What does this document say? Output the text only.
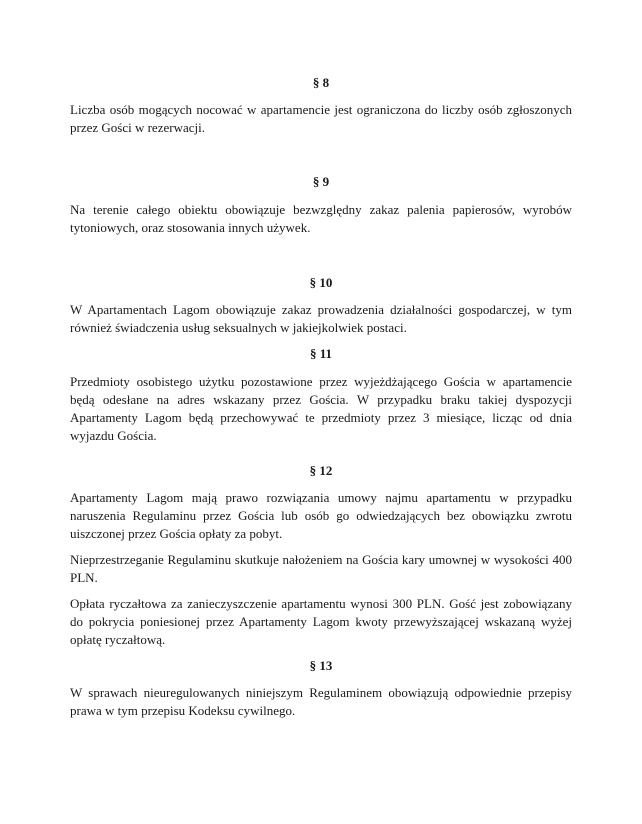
§ 8

Liczba osób mogących nocować w apartamencie jest ograniczona do liczby osób zgłoszonych przez Gości w rezerwacji.

§ 9

Na terenie całego obiektu obowiązuje bezwzględny zakaz palenia papierosów, wyrobów tytoniowych, oraz stosowania innych używek.

§ 10

W Apartamentach Lagom obowiązuje zakaz prowadzenia działalności gospodarczej, w tym również świadczenia usług seksualnych w jakiejkolwiek postaci.

§ 11

Przedmioty osobistego użytku pozostawione przez wyjeżdżającego Gościa w apartamencie będą odesłane na adres wskazany przez Gościa. W przypadku braku takiej dyspozycji Apartamenty Lagom będą przechowywać te przedmioty przez 3 miesiące, licząc od dnia wyjazdu Gościa.

§ 12

Apartamenty Lagom mają prawo rozwiązania umowy najmu apartamentu w przypadku naruszenia Regulaminu przez Gościa lub osób go odwiedzających bez obowiązku zwrotu uiszczonej przez Gościa opłaty za pobyt.

Nieprzestrzeganie Regulaminu skutkuje nałożeniem na Gościa kary umownej w wysokości 400 PLN.

Opłata ryczałtowa za zanieczyszczenie apartamentu wynosi 300 PLN. Gość jest zobowiązany do pokrycia poniesionej przez Apartamenty Lagom kwoty przewyższającej wskazaną wyżej opłatę ryczałtową.

§ 13

W sprawach nieuregulowanych niniejszym Regulaminem obowiązują odpowiednie przepisy prawa w tym przepisu Kodeksu cywilnego.
